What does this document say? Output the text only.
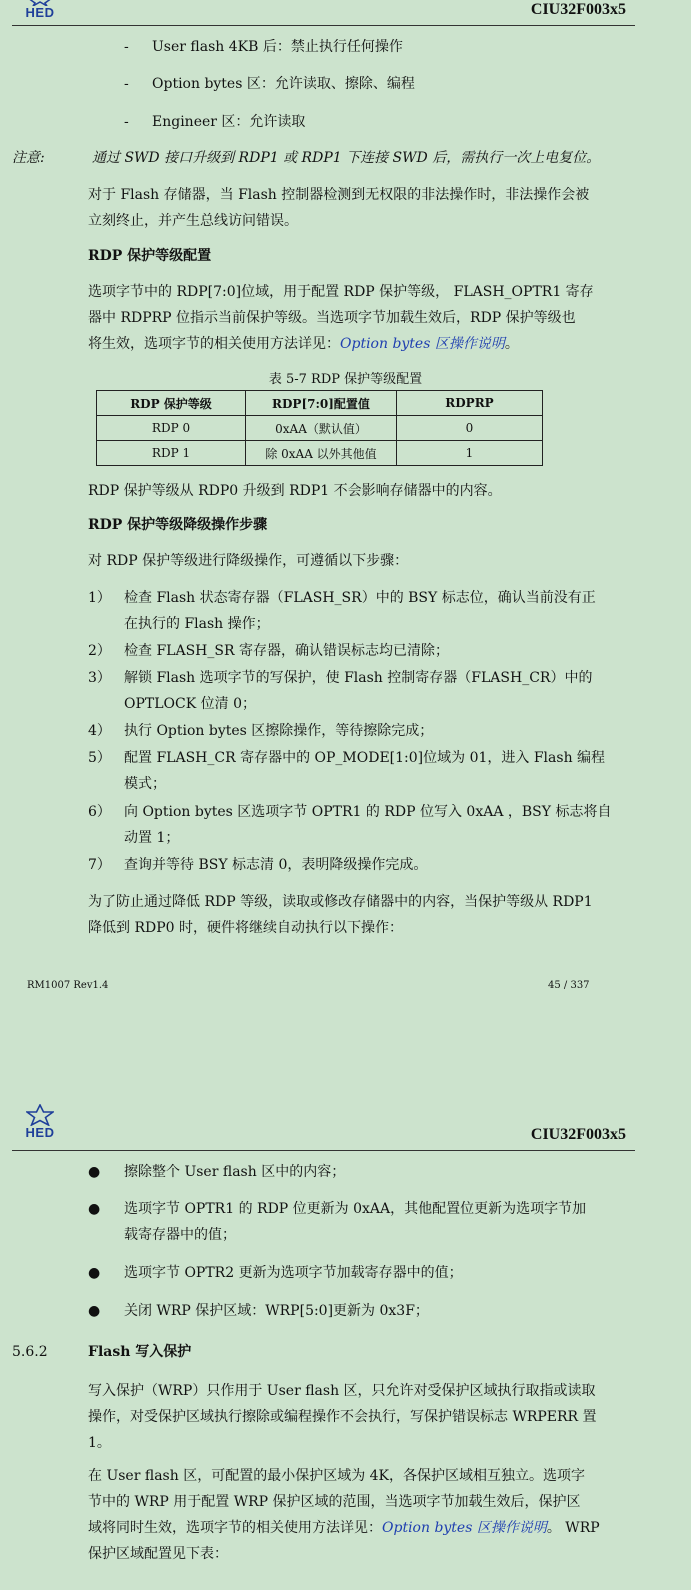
HED	CIU32F003x5
- User flash 4KB 后：禁止执行任何操作
- Option bytes 区：允许读取、擦除、编程
- Engineer 区：允许读取
注意:	通过 SWD 接口升级到 RDP1 或 RDP1 下连接 SWD 后，需执行一次上电复位。
对于 Flash 存储器，当 Flash 控制器检测到无权限的非法操作时，非法操作会被
立刻终止，并产生总线访问错误。
RDP 保护等级配置
选项字节中的 RDP[7:0]位域，用于配置 RDP 保护等级， FLASH_OPTR1 寄存
器中 RDPRP 位指示当前保护等级。当选项字节加载生效后，RDP 保护等级也
将生效，选项字节的相关使用方法详见：Option bytes 区操作说明。
表 5-7 RDP 保护等级配置
RDP 保护等级	RDP[7:0]配置值	RDPRP
RDP 0	0xAA（默认值）	0
RDP 1	除 0xAA 以外其他值	1
RDP 保护等级从 RDP0 升级到 RDP1 不会影响存储器中的内容。
RDP 保护等级降级操作步骤
对 RDP 保护等级进行降级操作，可遵循以下步骤：
1） 检查 Flash 状态寄存器（FLASH_SR）中的 BSY 标志位，确认当前没有正
在执行的 Flash 操作；
2） 检查 FLASH_SR 寄存器，确认错误标志均已清除；
3） 解锁 Flash 选项字节的写保护，使 Flash 控制寄存器（FLASH_CR）中的
OPTLOCK 位清 0；
4） 执行 Option bytes 区擦除操作，等待擦除完成；
5） 配置 FLASH_CR 寄存器中的 OP_MODE[1:0]位域为 01，进入 Flash 编程
模式；
6） 向 Option bytes 区选项字节 OPTR1 的 RDP 位写入 0xAA ，BSY 标志将自
动置 1；
7） 查询并等待 BSY 标志清 0，表明降级操作完成。
为了防止通过降低 RDP 等级，读取或修改存储器中的内容，当保护等级从 RDP1
降低到 RDP0 时，硬件将继续自动执行以下操作：
RM1007 Rev1.4	45 / 337
HED	CIU32F003x5
● 擦除整个 User flash 区中的内容；
● 选项字节 OPTR1 的 RDP 位更新为 0xAA，其他配置位更新为选项字节加
载寄存器中的值；
● 选项字节 OPTR2 更新为选项字节加载寄存器中的值；
● 关闭 WRP 保护区域：WRP[5:0]更新为 0x3F；
5.6.2	Flash 写入保护
写入保护（WRP）只作用于 User flash 区，只允许对受保护区域执行取指或读取
操作，对受保护区域执行擦除或编程操作不会执行，写保护错误标志 WRPERR 置
1。
在 User flash 区，可配置的最小保护区域为 4K，各保护区域相互独立。选项字
节中的 WRP 用于配置 WRP 保护区域的范围，当选项字节加载生效后，保护区
域将同时生效，选项字节的相关使用方法详见：Option bytes 区操作说明。 WRP
保护区域配置见下表：
